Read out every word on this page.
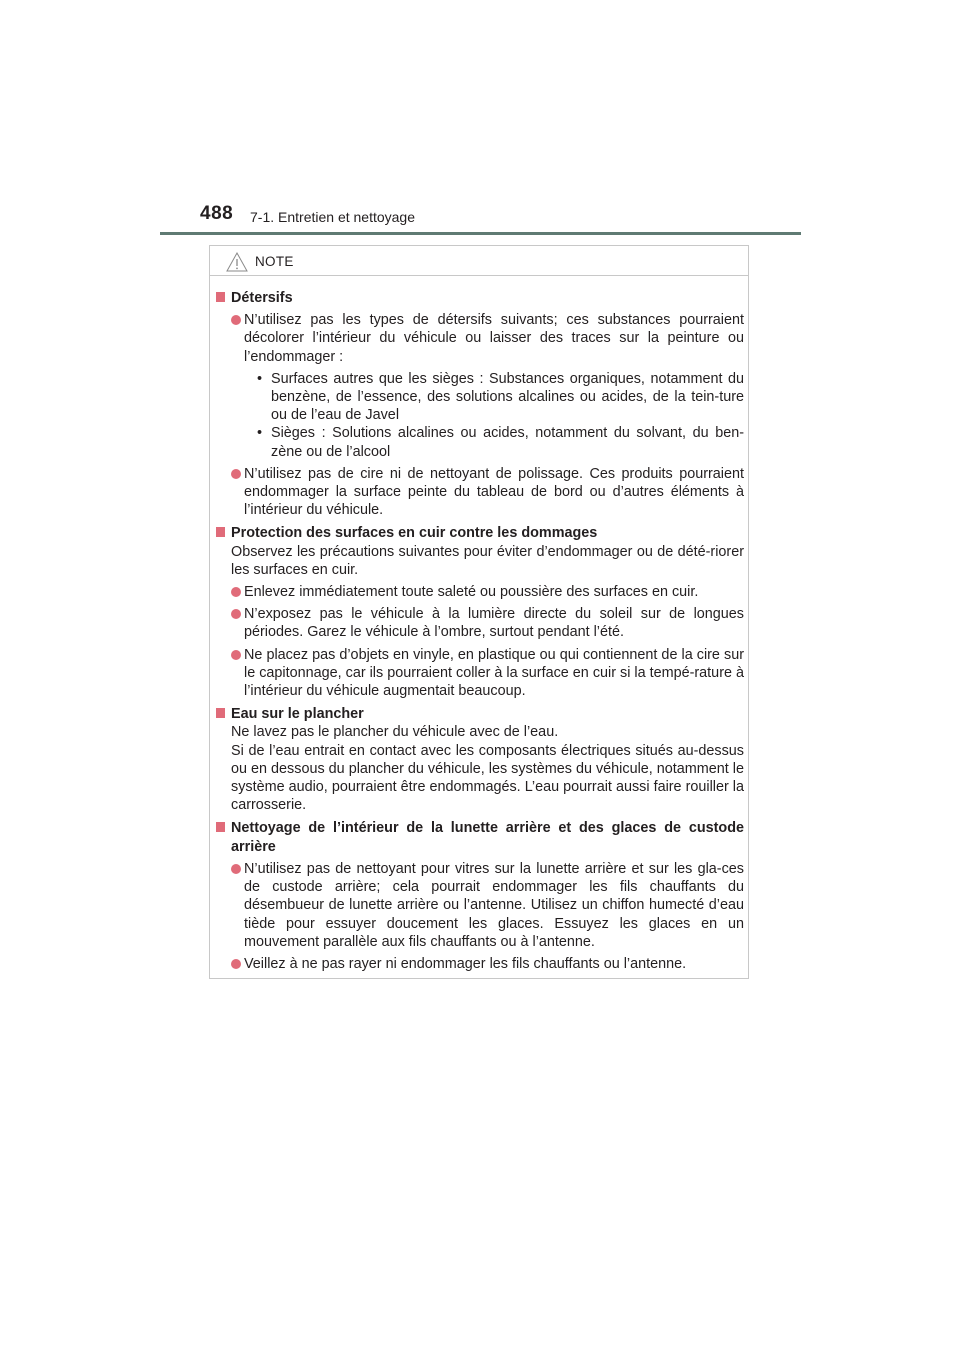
488 7-1. Entretien et nettoyage
NOTE
Détersifs
N’utilisez pas les types de détersifs suivants; ces substances pourraient décolorer l’intérieur du véhicule ou laisser des traces sur la peinture ou l’endommager :
• Surfaces autres que les sièges : Substances organiques, notamment du benzène, de l’essence, des solutions alcalines ou acides, de la tein-ture ou de l’eau de Javel
• Sièges : Solutions alcalines ou acides, notamment du solvant, du ben-zène ou de l’alcool
N’utilisez pas de cire ni de nettoyant de polissage. Ces produits pourraient endommager la surface peinte du tableau de bord ou d’autres éléments à l’intérieur du véhicule.
Protection des surfaces en cuir contre les dommages
Observez les précautions suivantes pour éviter d’endommager ou de dété-riorer les surfaces en cuir.
Enlevez immédiatement toute saleté ou poussière des surfaces en cuir.
N’exposez pas le véhicule à la lumière directe du soleil sur de longues périodes. Garez le véhicule à l’ombre, surtout pendant l’été.
Ne placez pas d’objets en vinyle, en plastique ou qui contiennent de la cire sur le capitonnage, car ils pourraient coller à la surface en cuir si la tempé-rature à l’intérieur du véhicule augmentait beaucoup.
Eau sur le plancher
Ne lavez pas le plancher du véhicule avec de l’eau.
Si de l’eau entrait en contact avec les composants électriques situés au-dessus ou en dessous du plancher du véhicule, les systèmes du véhicule, notamment le système audio, pourraient être endommagés. L’eau pourrait aussi faire rouiller la carrosserie.
Nettoyage de l’intérieur de la lunette arrière et des glaces de custode arrière
N’utilisez pas de nettoyant pour vitres sur la lunette arrière et sur les gla-ces de custode arrière; cela pourrait endommager les fils chauffants du désembueur de lunette arrière ou l’antenne. Utilisez un chiffon humecté d’eau tiède pour essuyer doucement les glaces. Essuyez les glaces en un mouvement parallèle aux fils chauffants ou à l’antenne.
Veillez à ne pas rayer ni endommager les fils chauffants ou l’antenne.
